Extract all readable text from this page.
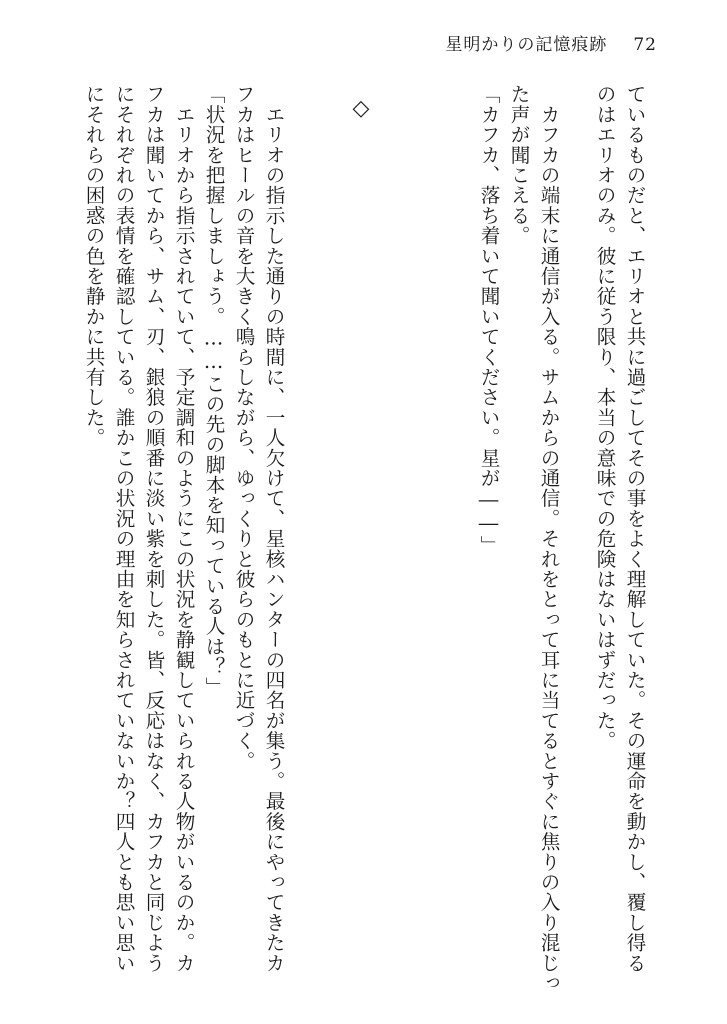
星明かりの記憶痕跡 72
ているものだと、エリオと共に過ごしてその事をよく理解していた。その運命を動かし、覆し得る
のはエリオのみ。彼に従う限り、本当の意味での危険はないはずだった。
　カフカの端末に通信が入る。サムからの通信。それをとって耳に当てるとすぐに焦りの入り混じっ
た声が聞こえる。
「カフカ、落ち着いて聞いてください。星が――」
◇
　エリオの指示した通りの時間に、一人欠けて、星核ハンターの四名が集う。最後にやってきたカ
フカはヒールの音を大きく鳴らしながら、ゆっくりと彼らのもとに近づく。
「状況を把握しましょう。……この先の脚本を知っている人は？」
　エリオから指示されていて、予定調和のようにこの状況を静観していられる人物がいるのか。カ
フカは聞いてから、サム、刃、銀狼の順番に淡い紫を刺した。皆、反応はなく、カフカと同じよう
にそれぞれの表情を確認している。誰かこの状況の理由を知らされていないか？四人とも思い思い
にそれらの困惑の色を静かに共有した。
